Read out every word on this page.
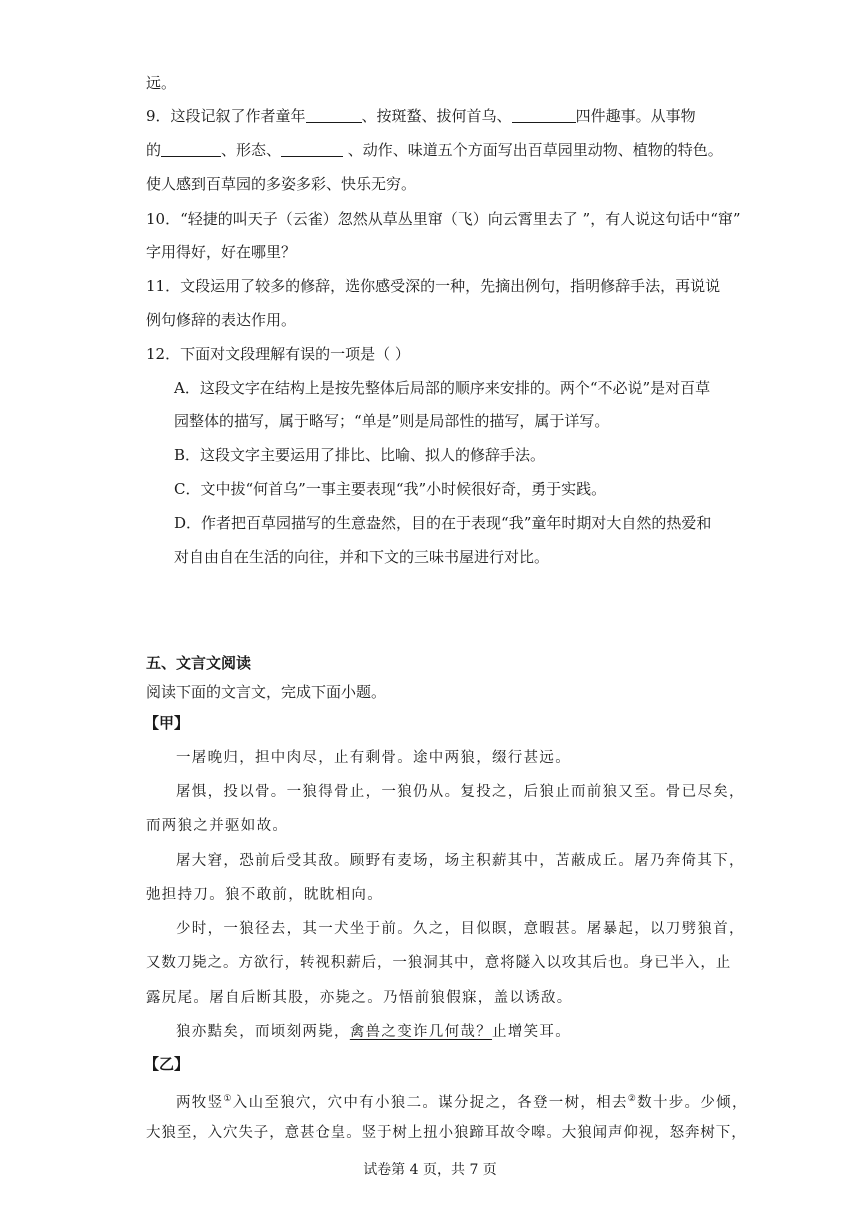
远。
9．这段记叙了作者童年	、按斑蝥、拔何首乌、	四件趣事。从事物
的	、形态、	、动作、味道五个方面写出百草园里动物、植物的特色。
使人感到百草园的多姿多彩、快乐无穷。
10．“轻捷的叫天子（云雀）忽然从草丛里窜（飞）向云霄里去了 ”，有人说这句话中“窜”
字用得好，好在哪里？
11．文段运用了较多的修辞，选你感受深的一种，先摘出例句，指明修辞手法，再说说
例句修辞的表达作用。
12．下面对文段理解有误的一项是（ ）
A．这段文字在结构上是按先整体后局部的顺序来安排的。两个“不必说”是对百草
园整体的描写，属于略写；“单是”则是局部性的描写，属于详写。
B．这段文字主要运用了排比、比喻、拟人的修辞手法。
C．文中拔“何首乌”一事主要表现“我”小时候很好奇，勇于实践。
D．作者把百草园描写的生意盎然，目的在于表现“我”童年时期对大自然的热爱和
对自由自在生活的向往，并和下文的三味书屋进行对比。
五、文言文阅读
阅读下面的文言文，完成下面小题。
【甲】
一屠晚归，担中肉尽，止有剩骨。途中两狼，缀行甚远。
屠惧，投以骨。一狼得骨止，一狼仍从。复投之，后狼止而前狼又至。骨已尽矣，
而两狼之并驱如故。
屠大窘，恐前后受其敌。顾野有麦场，场主积薪其中，苫蔽成丘。屠乃奔倚其下，
弛担持刀。狼不敢前，眈眈相向。
少时，一狼径去，其一犬坐于前。久之，目似瞑，意暇甚。屠暴起，以刀劈狼首，
又数刀毙之。方欲行，转视积薪后，一狼洞其中，意将隧入以攻其后也。身已半入，止
露尻尾。屠自后断其股，亦毙之。乃悟前狼假寐，盖以诱敌。
狼亦黠矣，而顷刻两毙，禽兽之变诈几何哉？止增笑耳。
【乙】
两牧竖①入山至狼穴，穴中有小狼二。谋分捉之，各登一树，相去②数十步。少倾，
大狼至，入穴失子，意甚仓皇。竖于树上扭小狼蹄耳故令嗥。大狼闻声仰视，怒奔树下，
试卷第 4 页，共 7 页
